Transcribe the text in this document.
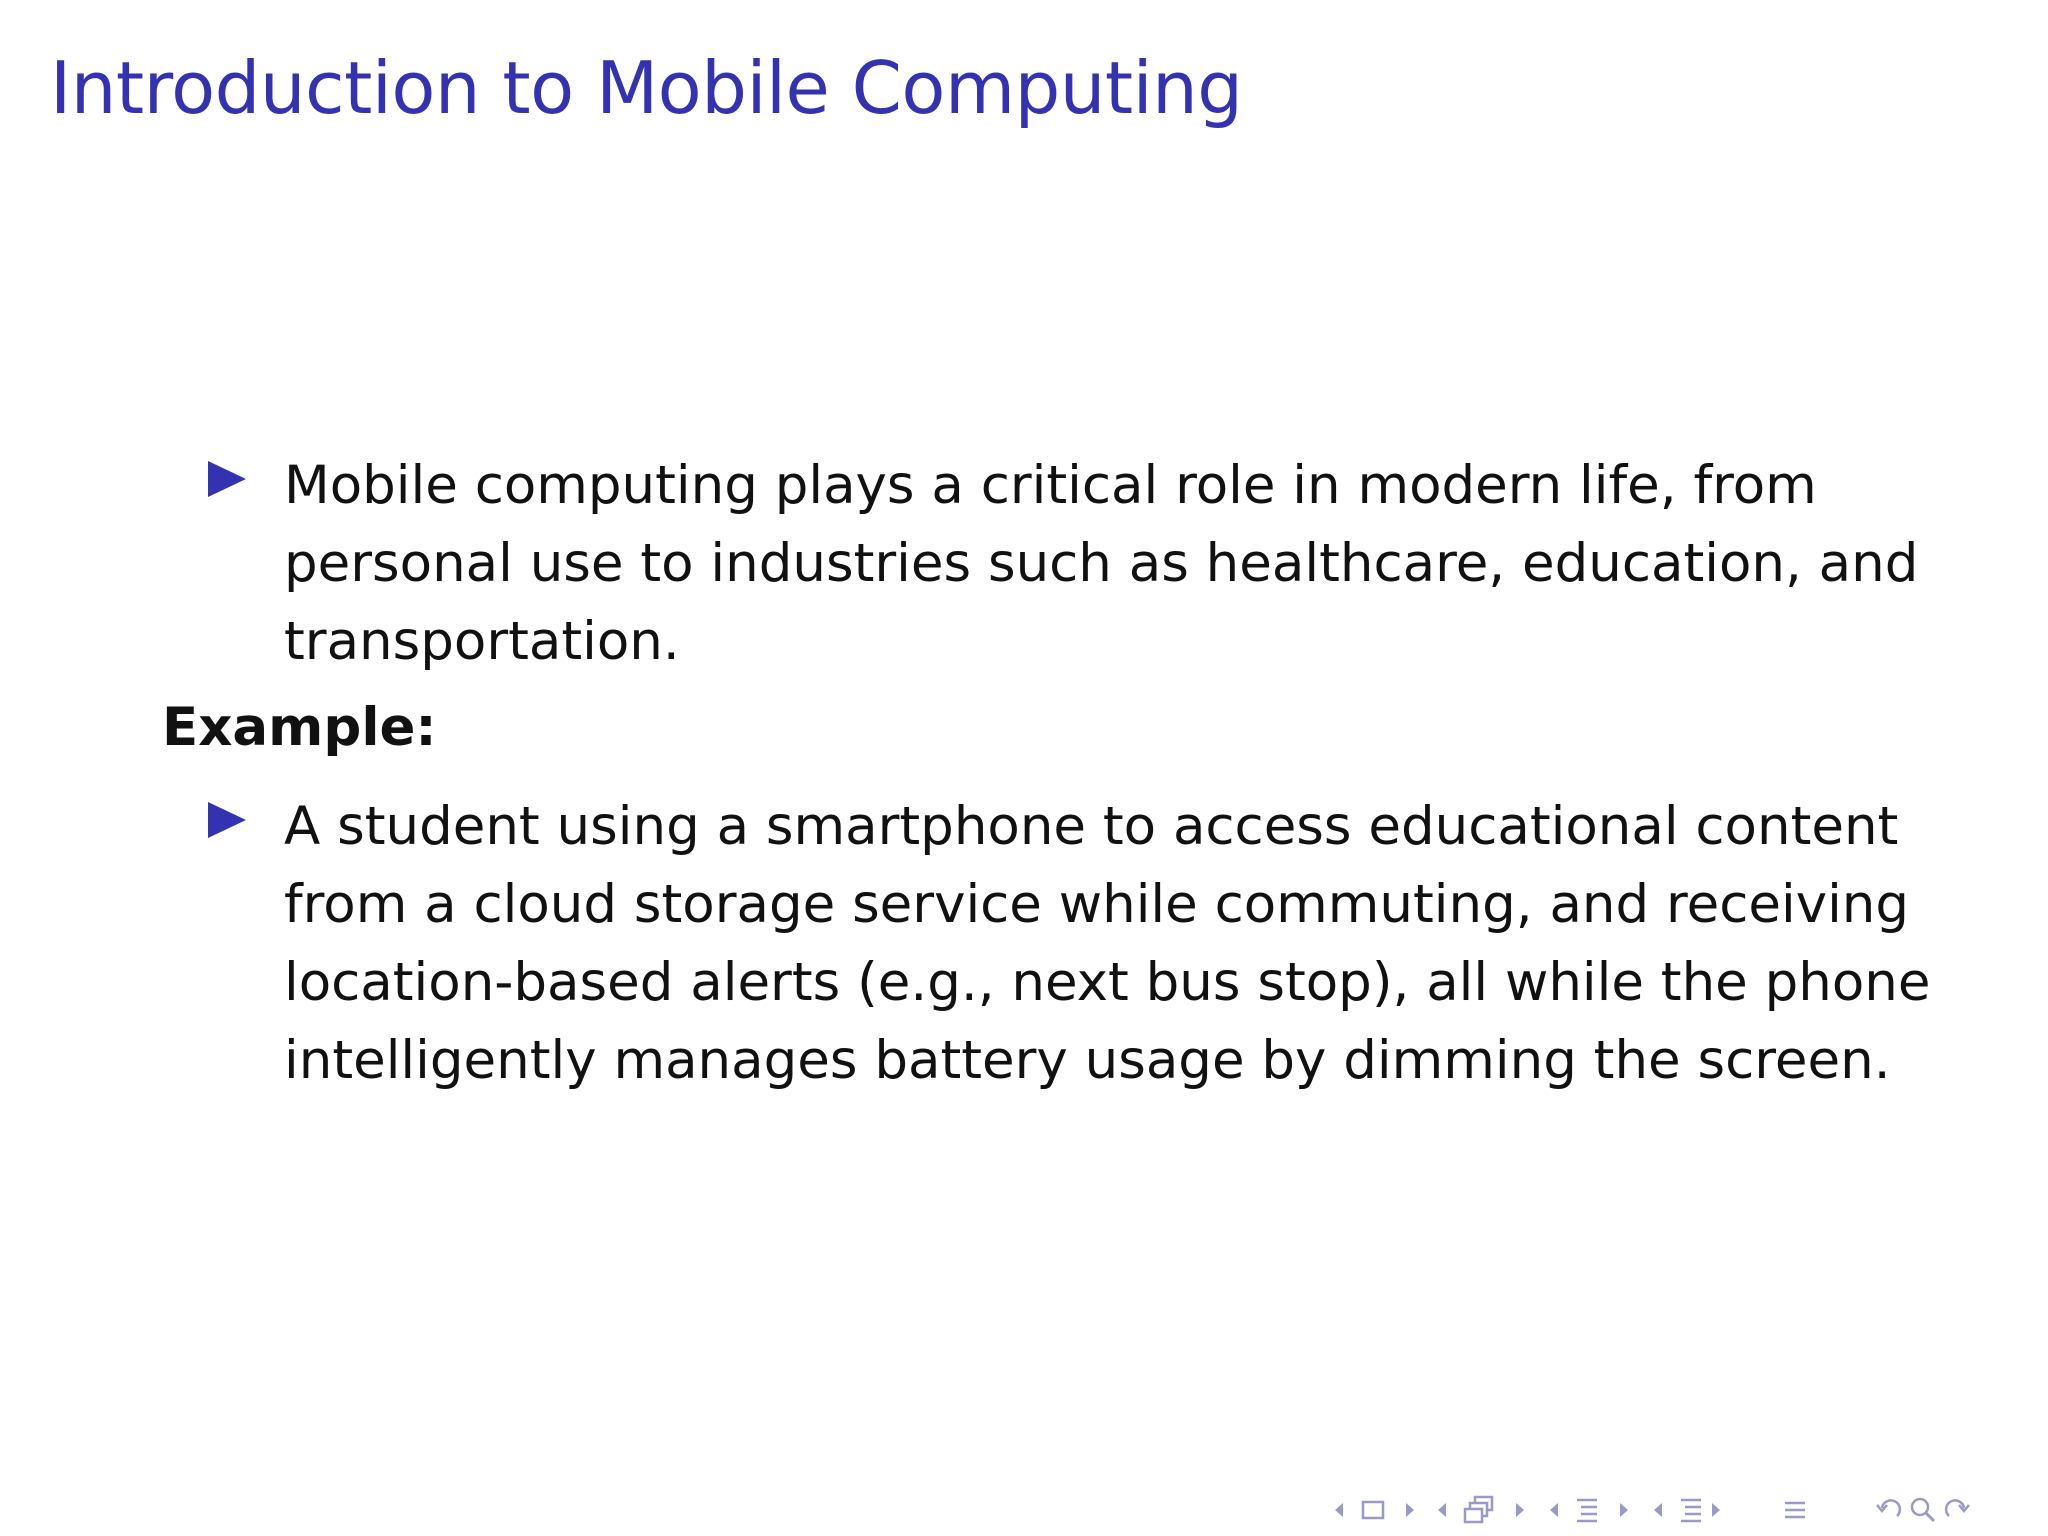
Introduction to Mobile Computing

Mobile computing plays a critical role in modern life, from
personal use to industries such as healthcare, education, and
transportation.

Example:

A student using a smartphone to access educational content
from a cloud storage service while commuting, and receiving
location-based alerts (e.g., next bus stop), all while the phone
intelligently manages battery usage by dimming the screen.
